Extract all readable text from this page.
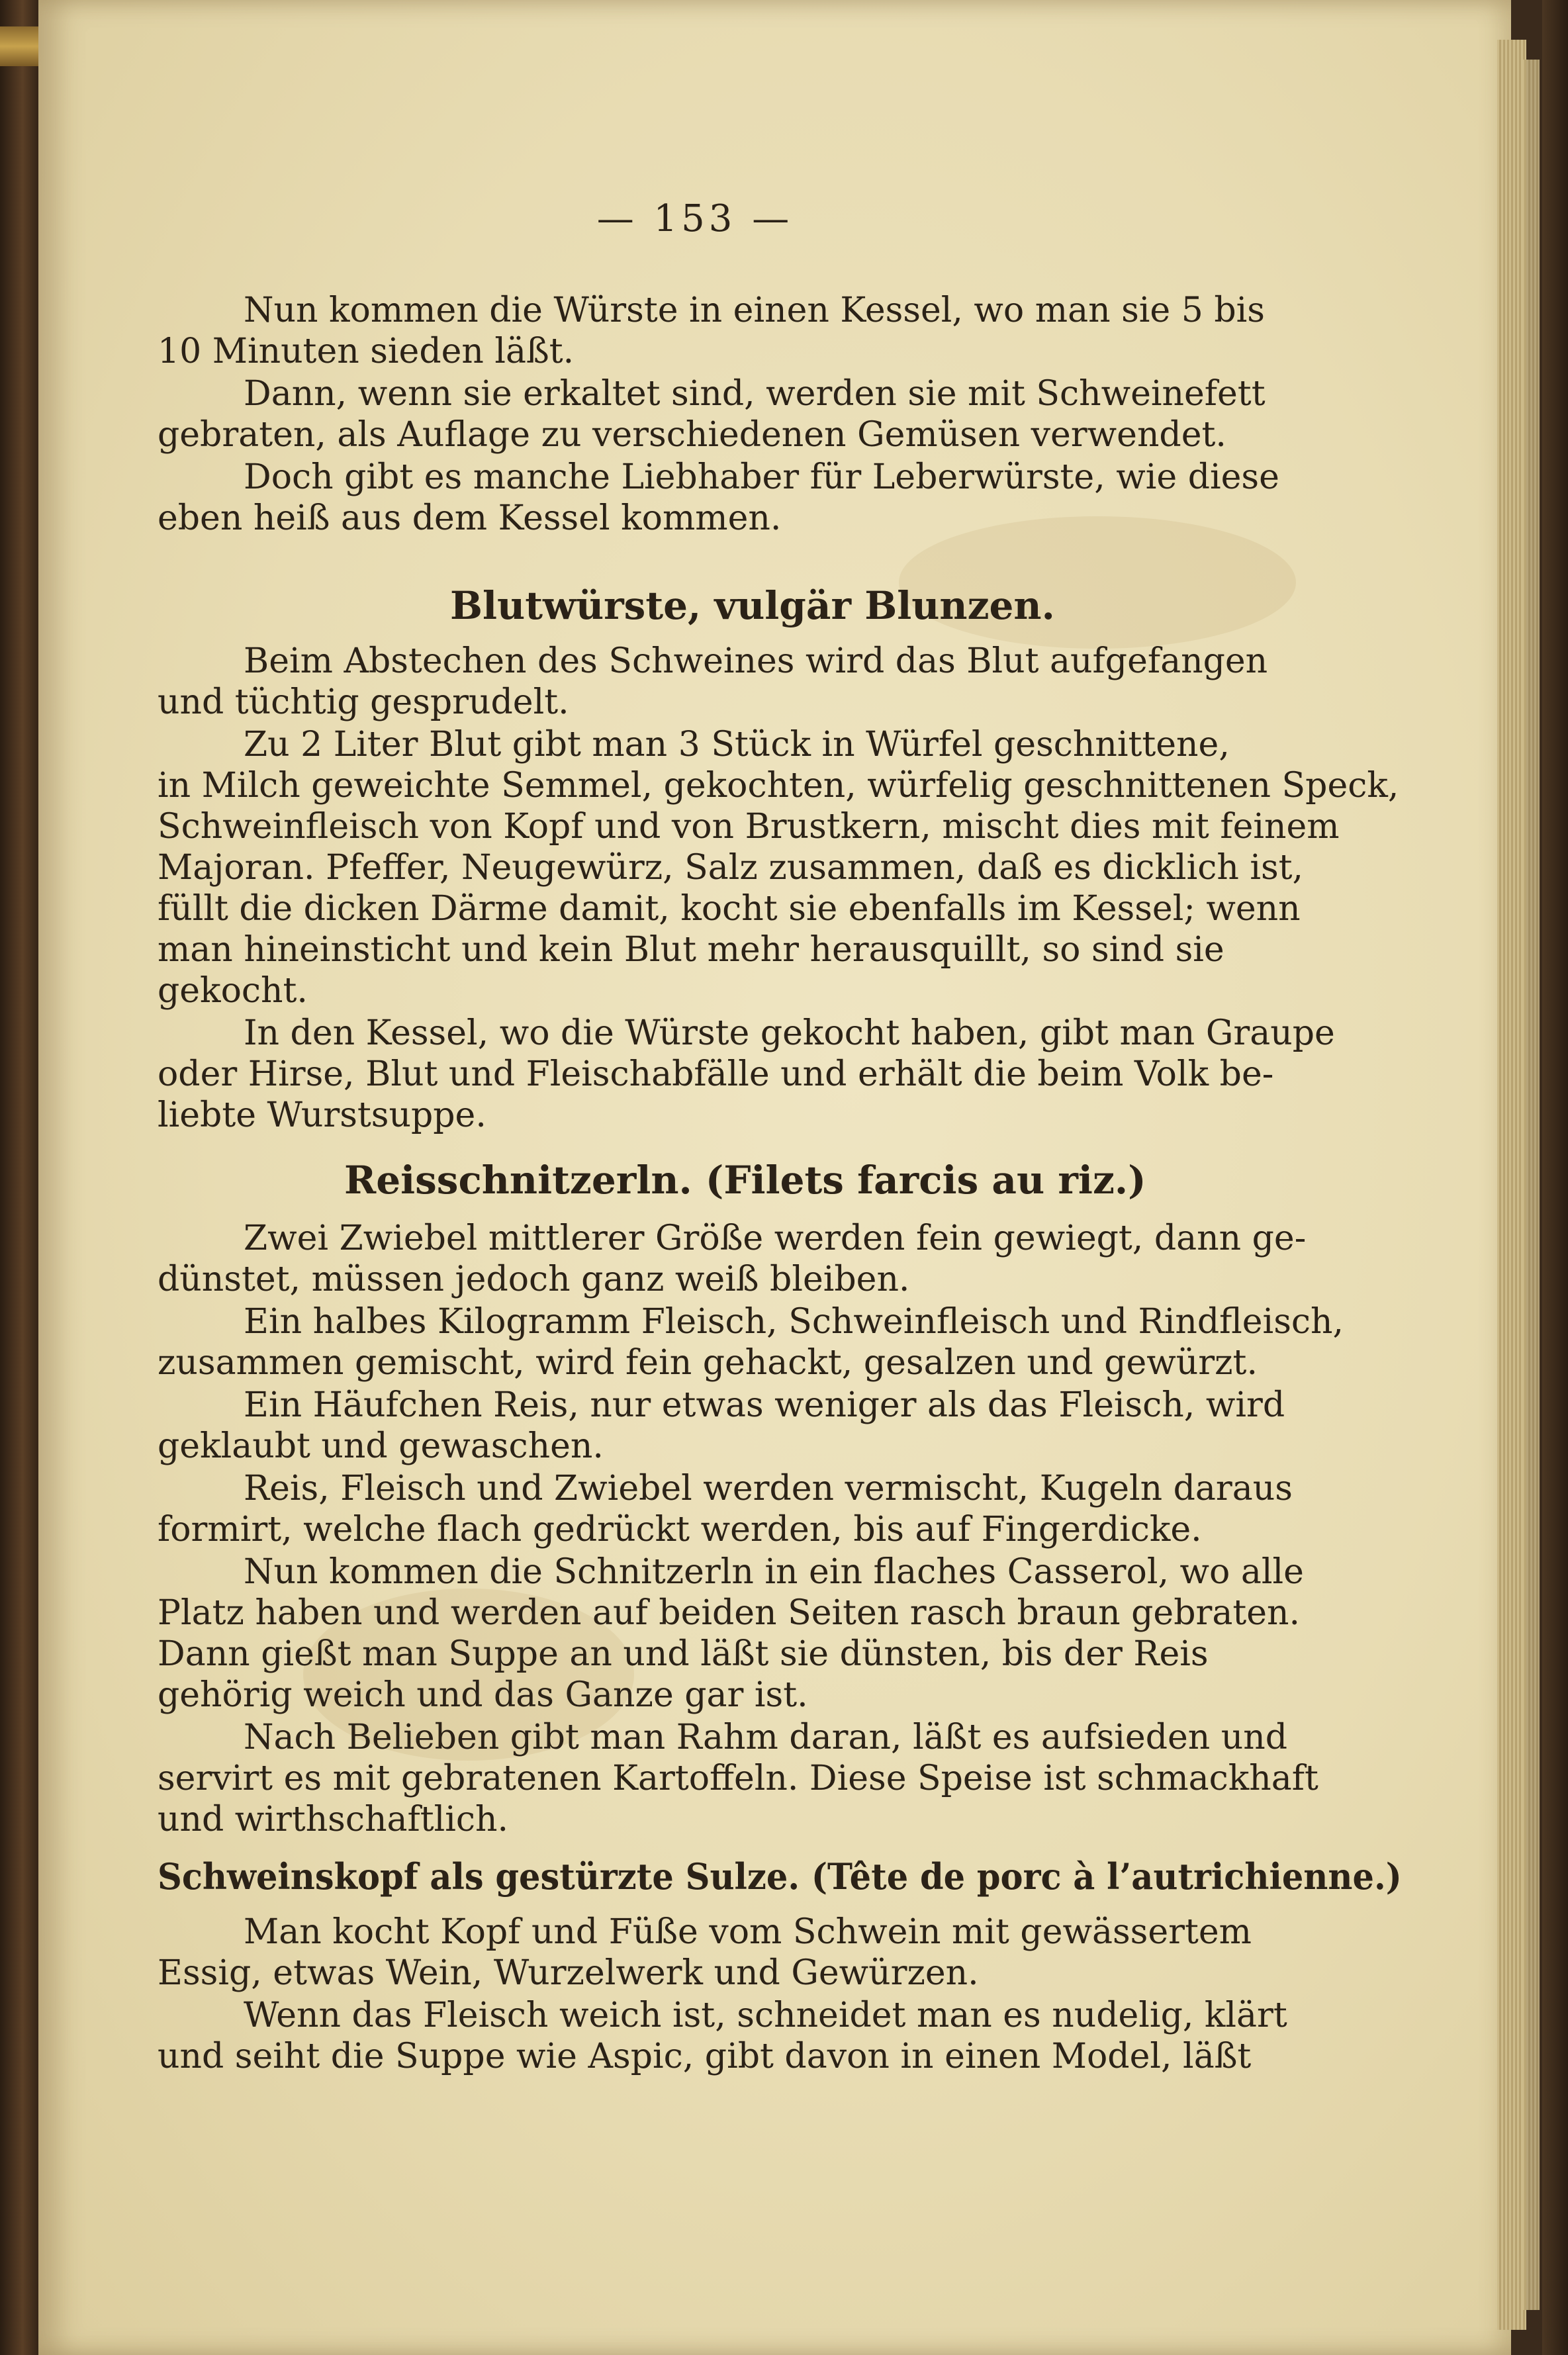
— 153 —
Nun kommen die Würste in einen Kessel, wo man sie 5 bis
10 Minuten sieden läßt.
Dann, wenn sie erkaltet sind, werden sie mit Schweinefett
gebraten, als Auflage zu verschiedenen Gemüsen verwendet.
Doch gibt es manche Liebhaber für Leberwürste, wie diese
eben heiß aus dem Kessel kommen.
Blutwürste, vulgär Blunzen.
Beim Abstechen des Schweines wird das Blut aufgefangen
und tüchtig gesprudelt.
Zu 2 Liter Blut gibt man 3 Stück in Würfel geschnittene,
in Milch geweichte Semmel, gekochten, würfelig geschnittenen Speck,
Schweinfleisch von Kopf und von Brustkern, mischt dies mit feinem
Majoran. Pfeffer, Neugewürz, Salz zusammen, daß es dicklich ist,
füllt die dicken Därme damit, kocht sie ebenfalls im Kessel; wenn
man hineinsticht und kein Blut mehr herausquillt, so sind sie
gekocht.
In den Kessel, wo die Würste gekocht haben, gibt man Graupe
oder Hirse, Blut und Fleischabfälle und erhält die beim Volk be-
liebte Wurstsuppe.
Reisschnitzerln. (Filets farcis au riz.)
Zwei Zwiebel mittlerer Größe werden fein gewiegt, dann ge-
dünstet, müssen jedoch ganz weiß bleiben.
Ein halbes Kilogramm Fleisch, Schweinfleisch und Rindfleisch,
zusammen gemischt, wird fein gehackt, gesalzen und gewürzt.
Ein Häufchen Reis, nur etwas weniger als das Fleisch, wird
geklaubt und gewaschen.
Reis, Fleisch und Zwiebel werden vermischt, Kugeln daraus
formirt, welche flach gedrückt werden, bis auf Fingerdicke.
Nun kommen die Schnitzerln in ein flaches Casserol, wo alle
Platz haben und werden auf beiden Seiten rasch braun gebraten.
Dann gießt man Suppe an und läßt sie dünsten, bis der Reis
gehörig weich und das Ganze gar ist.
Nach Belieben gibt man Rahm daran, läßt es aufsieden und
servirt es mit gebratenen Kartoffeln. Diese Speise ist schmackhaft
und wirthschaftlich.
Schweinskopf als gestürzte Sulze. (Tête de porc à l’autrichienne.)
Man kocht Kopf und Füße vom Schwein mit gewässertem
Essig, etwas Wein, Wurzelwerk und Gewürzen.
Wenn das Fleisch weich ist, schneidet man es nudelig, klärt
und seiht die Suppe wie Aspic, gibt davon in einen Model, läßt
